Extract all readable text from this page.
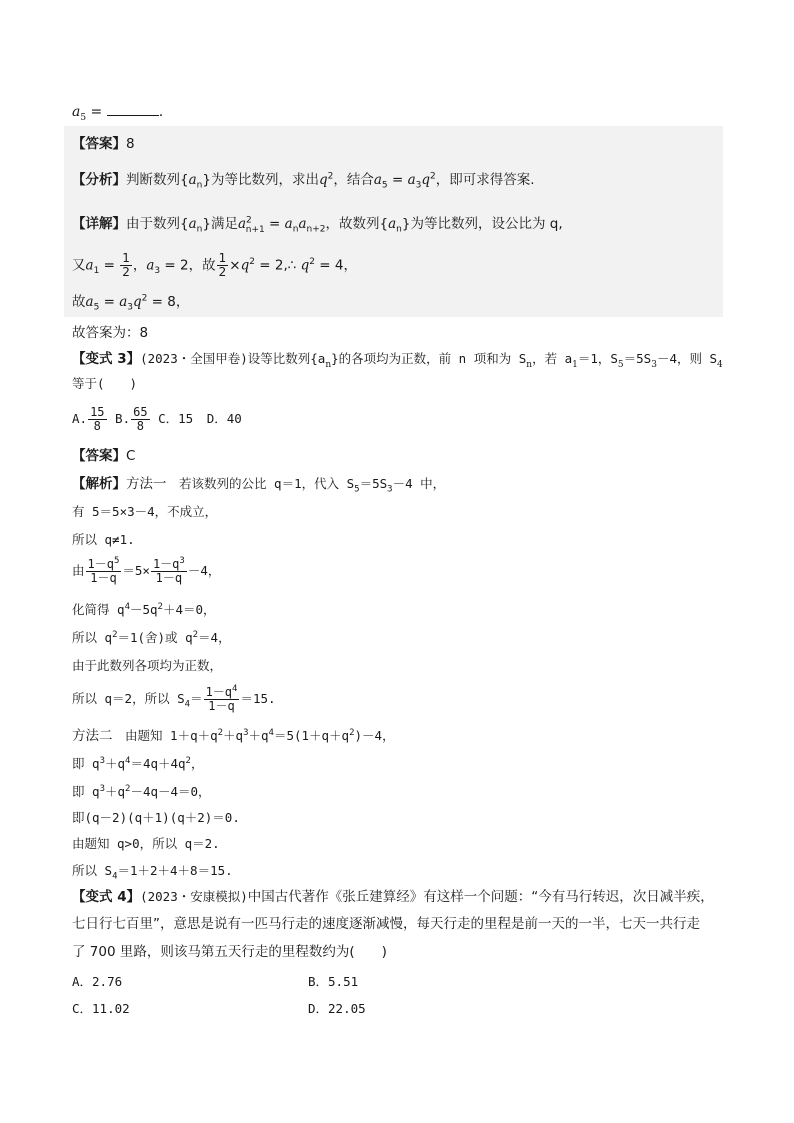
$a_5$ =	.
【答案】8
【分析】判断数列$\{a_n\}$为等比数列，求出$q^2$，结合$a_5 = a_3q^2$，即可求得答案.
【详解】由于数列$\{a_n\}$满足$a^2_{n+1} = a_na_{n+2}$，故数列$\{a_n\}$为等比数列，设公比为 q,
又$a_1 = \frac{1}{2}$ ，$a_3 = 2$，故 $\frac{1}{2} \times q^2$ = 2,∴ $q^2 = 4$，
故$a_5 = a_3q^2 = 8$，
故答案为：8
【变式 3】(2023・全国甲卷)设等比数列$\{a_n\}$的各项均为正数，前 n 项和为 $S_n$，若 $a_1=1$，$S_5=5S_3-4$，则 $S_4$
等于(　　)
A. $\frac{15}{8} B$. $\frac{65}{8}$ C．15 D．40
【答案】C
【解析】方法一　 若该数列的公比 q＝1，代入 $S_5=5S_3-4$ 中，
有 5＝5×3－4，不成立，
所以 q≠1.
由 $\frac{1-q^5}{1-q} =5\times \frac{1-q^3}{1-q} -4$，
化简得 $q^4-5q^2+4=0$，
所以 $q^2=1$(舍)或 $q^2=4$，
由于此数列各项均为正数，
所以 q＝2，所以 $S_4= \frac{1-q^4}{1-q} =15$.
方法二　 由题知 $1+q+q^2+q^3+q^4=5(1+q+q^2)-4$，
即 $q^3+q^4=4q+4q^2$，
即 $q^3+q^2-4q-4=0$，
即(q－2)(q＋1)(q＋2)＝0.
由题知 q>0，所以 q＝2.
所以 $S_4=1+2+4+8=15$.
【变式 4】(2023・安康模拟)中国古代著作《张丘建算经》有这样一个问题：“今有马行转迟，次日减半疾，
七日行七百里”，意思是说有一匹马行走的速度逐渐减慢，每天行走的里程是前一天的一半，七天一共行走
了 700 里路，则该马第五天行走的里程数约为(　　)
A．2.76	B．5.51
C．11.02	D．22.05
